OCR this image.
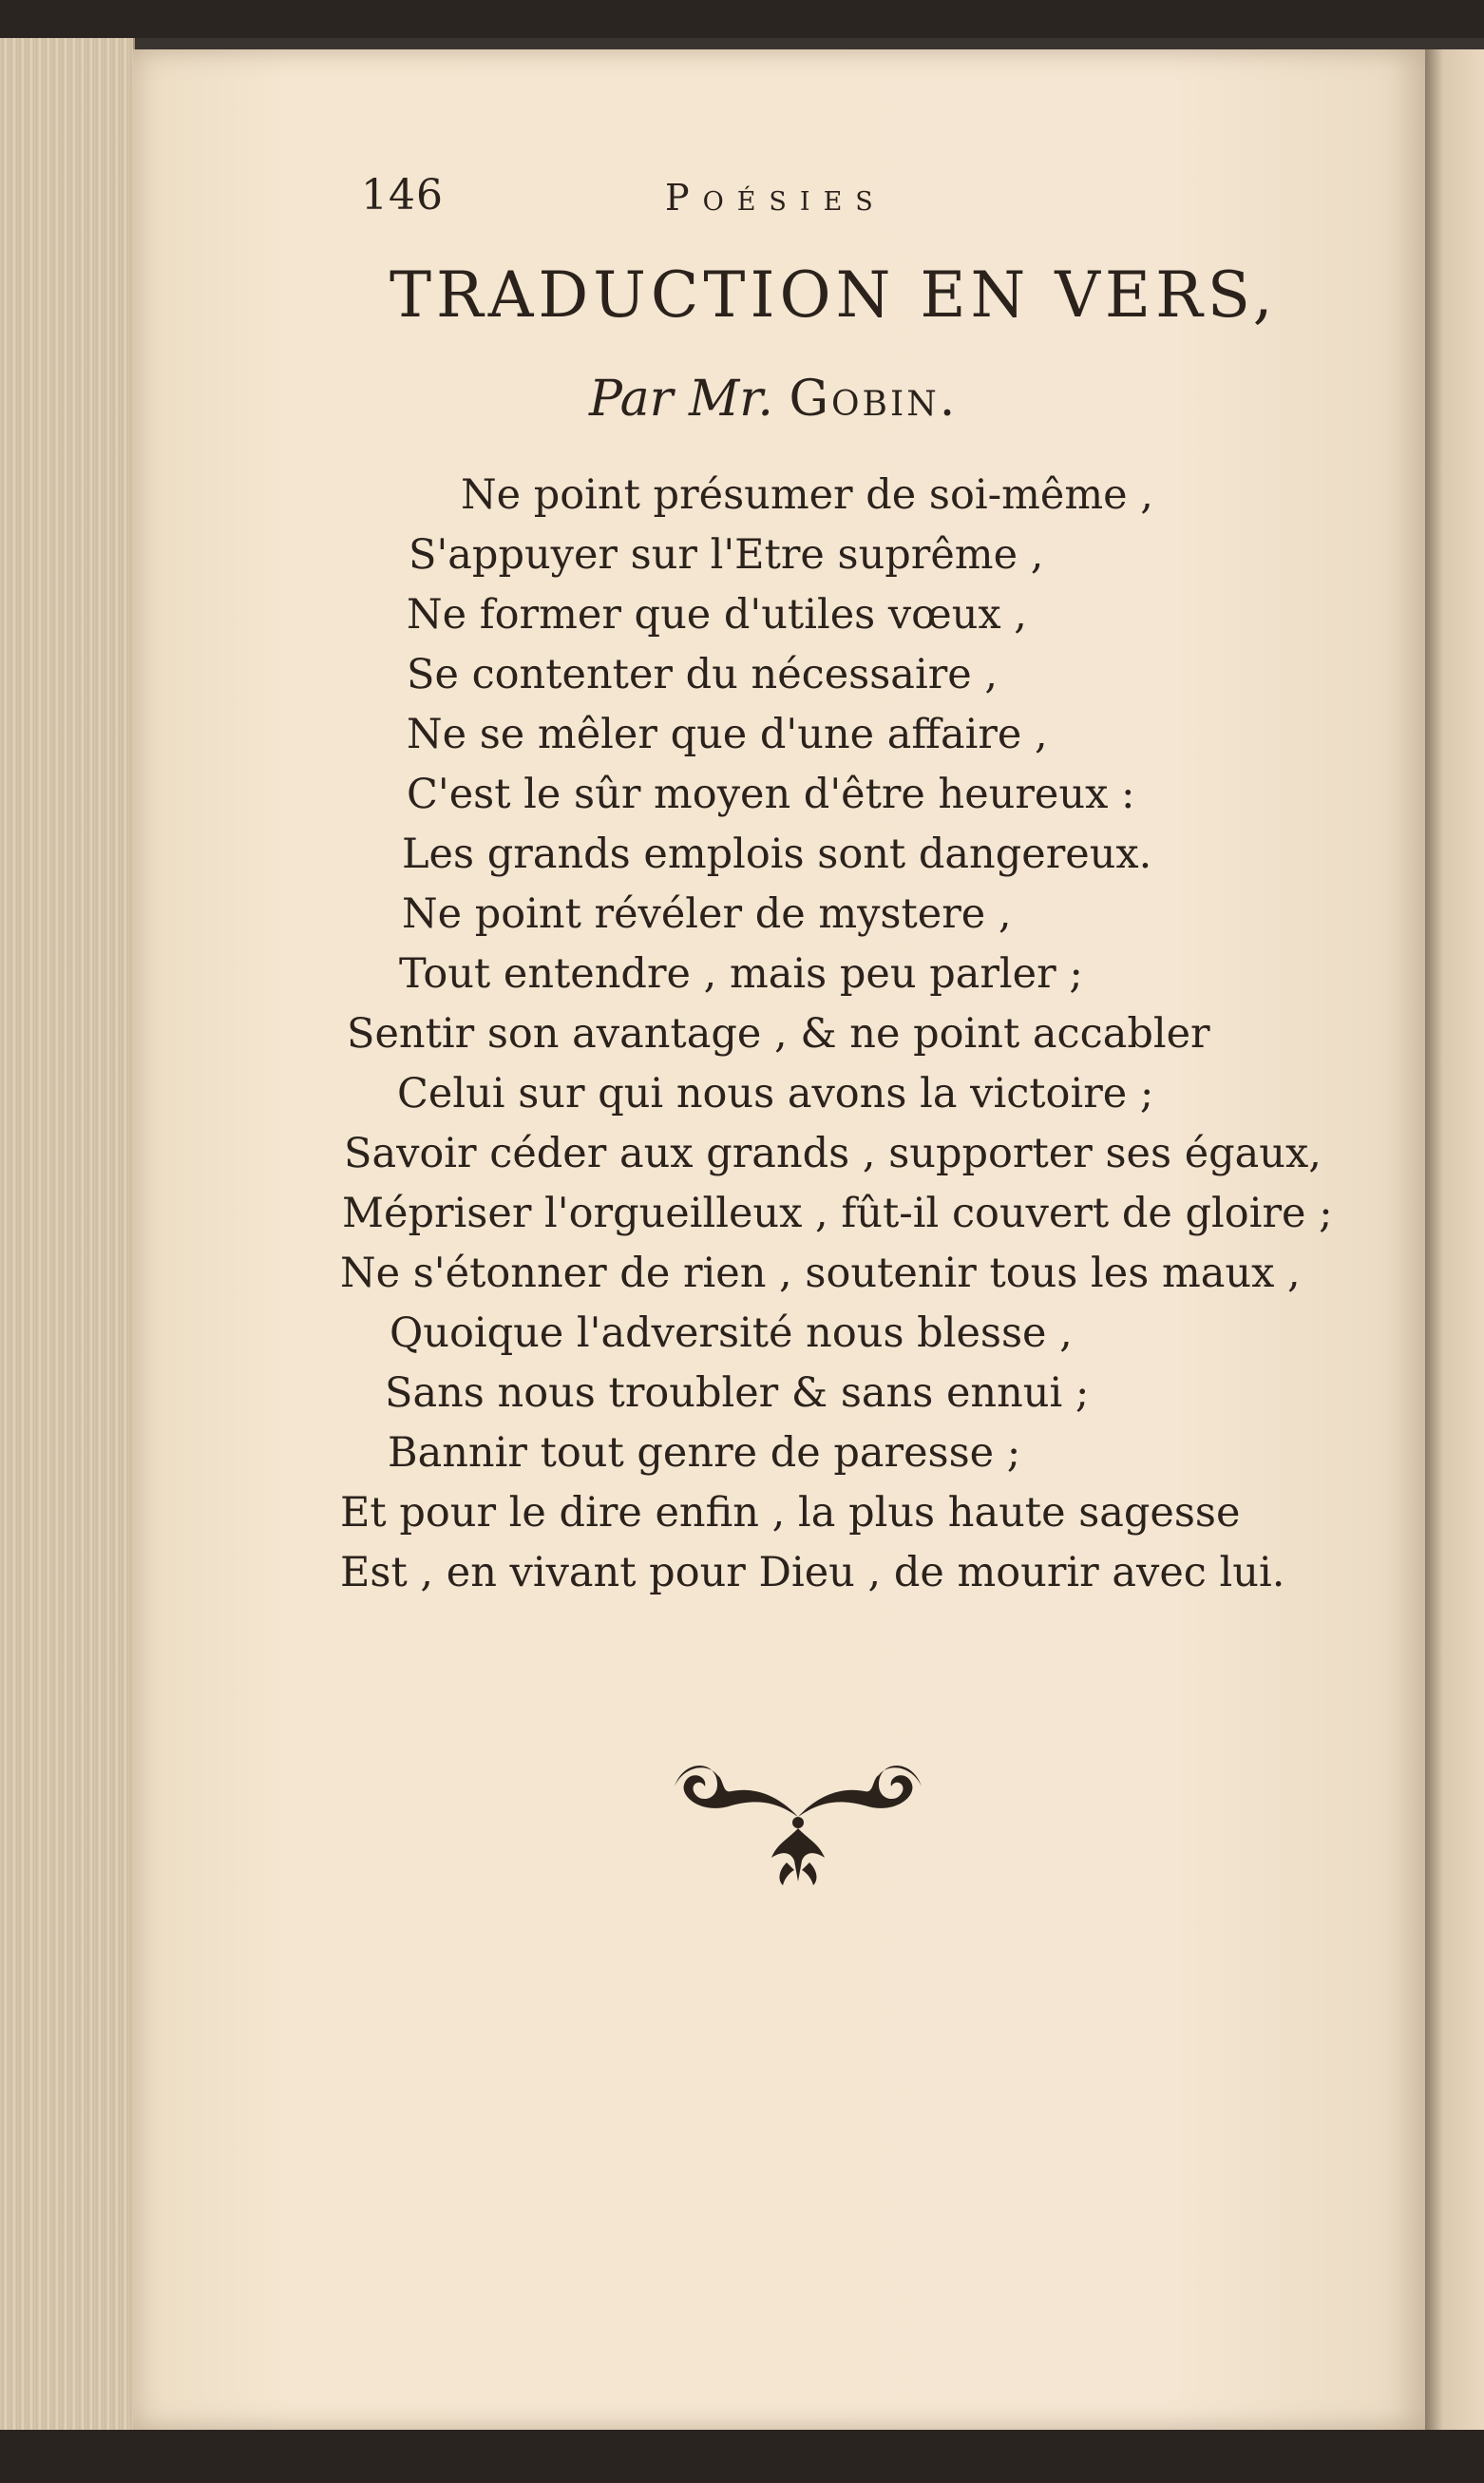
146	Poésies
TRADUCTION EN VERS,
Par Mr. Gobin.
Ne point présumer de soi-même ,
S'appuyer sur l'Etre suprême ,
Ne former que d'utiles vœux ,
Se contenter du nécessaire ,
Ne se mêler que d'une affaire ,
C'est le sûr moyen d'être heureux :
Les grands emplois sont dangereux.
Ne point révéler de mystere ,
Tout entendre , mais peu parler ;
Sentir son avantage , & ne point accabler
Celui sur qui nous avons la victoire ;
Savoir céder aux grands , supporter ses égaux,
Mépriser l'orgueilleux , fût-il couvert de gloire ;
Ne s'étonner de rien , soutenir tous les maux ,
Quoique l'adversité nous blesse ,
Sans nous troubler & sans ennui ;
Bannir tout genre de paresse ;
Et pour le dire enfin , la plus haute sagesse
Est , en vivant pour Dieu , de mourir avec lui.
